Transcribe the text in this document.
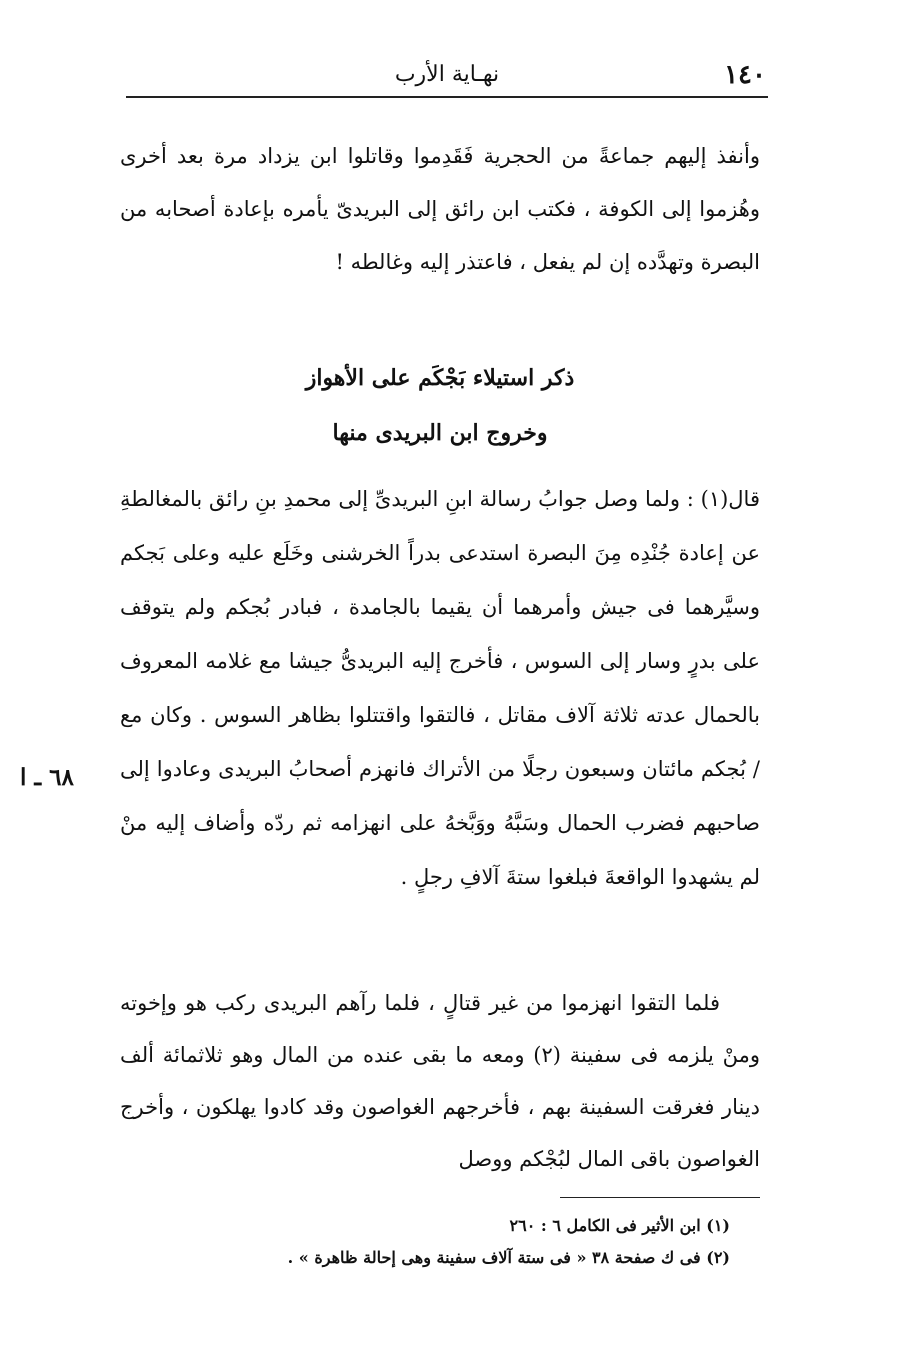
١٤٠
نهـاية الأرب

وأنفذ إليهم جماعةً من الحجرية فَقَدِموا وقاتلوا ابن يزداد مرة بعد أخرى وهُزموا إلى الكوفة ، فكتب ابن رائق إلى البريدىّ يأمره بإعادة أصحابه من البصرة وتهدَّده إن لم يفعل ، فاعتذر إليه وغالطه !

ذكر استيلاء بَجْكَم على الأهواز
وخروج ابن البريدى منها

قال(١) : ولما وصل جوابُ رسالة ابنِ البريدىِّ إلى محمدِ بنِ رائق بالمغالطةِ عن إعادة جُنْدِه مِنَ البصرة استدعى بدراً الخرشنى وخَلَع عليه وعلى بَجكم وسيَّرهما فى جيش وأمرهما أن يقيما بالجامدة ، فبادر بُجكم ولم يتوقف على بدرٍ وسار إلى السوس ، فأخرج إليه البريدىُّ جيشا مع غلامه المعروف بالحمال عدته ثلاثة آلاف مقاتل ، فالتقوا واقتتلوا بظاهر السوس . وكان مع / بُجكم مائتان وسبعون رجلًا من الأتراك فانهزم أصحابُ البريدى وعادوا إلى صاحبهم فضرب الحمال وسَبَّهُ ووَبَّخهُ على انهزامه ثم ردّه وأضاف إليه منْ لم يشهدوا الواقعةَ فبلغوا ستةَ آلافِ رجلٍ .

٦٨ ـ ا

فلما التقوا انهزموا من غير قتالٍ ، فلما رآهم البريدى ركب هو وإخوته ومنْ يلزمه فى سفينة (٢) ومعه ما بقى عنده من المال وهو ثلاثمائة ألف دينار فغرقت السفينة بهم ، فأخرجهم الغواصون وقد كادوا يهلكون ، وأخرج الغواصون باقى المال لبُجْكم ووصل

(١) ابن الأثير فى الكامل ٦ : ٢٦٠

(٢) فى ك صفحة ٣٨ « فى ستة آلاف سفينة وهى إحالة ظاهرة » .
